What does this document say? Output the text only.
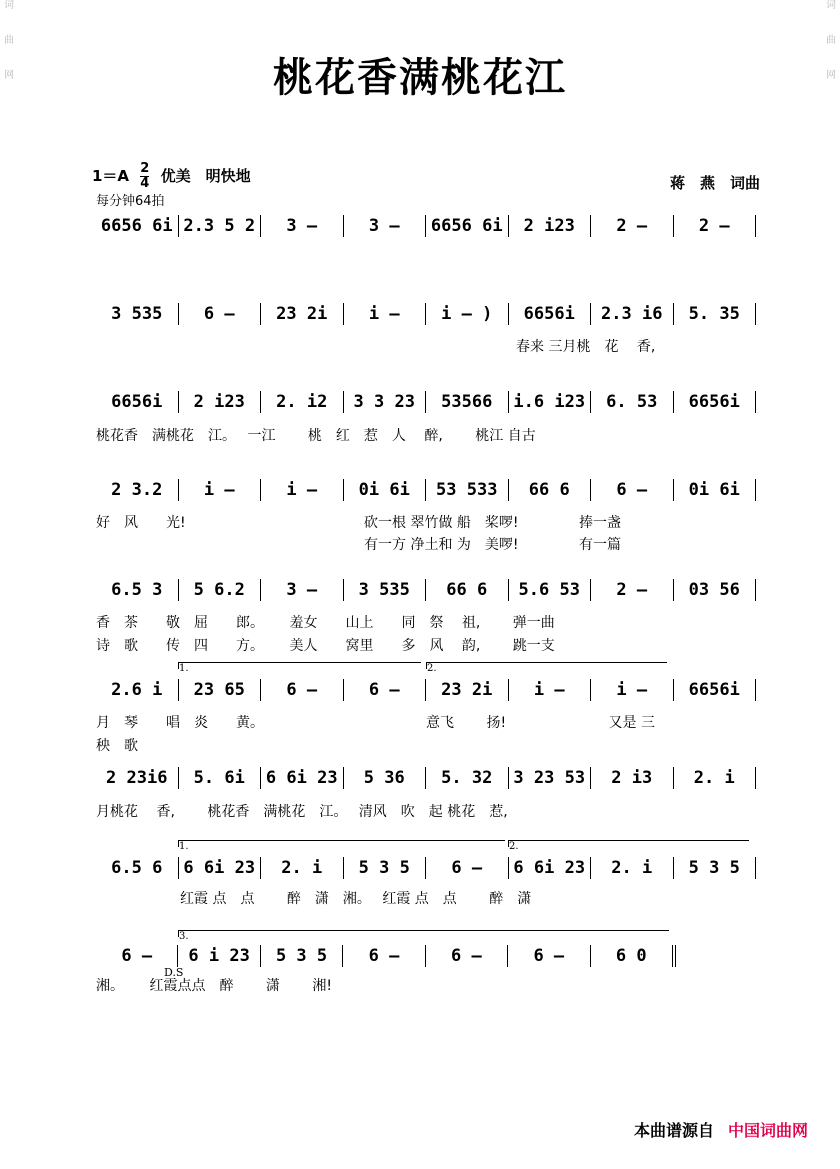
词
曲
网
词
曲
网
桃花香满桃花江
$1=A \frac{2}{4}$ 优美　明快地
每分钟64拍
蒋　燕　词曲
6656 6i 2.3 5 2	3 –	3 –	6656 6i	2 i23	2 –	2 –
3 535	6 –	23 2i	i –	i – )	6656i	2.3 i6	5. 35
6656i	2 i23	2. i2	3 3 23	53566	i.6 i23	6. 53	6656i
2 3.2	i –	i –	0i 6i	53 533	66 6	6 –	0i 6i
6.5 3	5 6.2	3 –	3 535	66 6	5.6 53	2 –	03 56
2.6 i	23 65	6 –	6 –	23 2i	i –	i –	6656i
2 23i6	5. 6i	6 6i 23	5 36	5. 32	3 23 53	2 i3	2. i
6.5 6	6 6i 23	2. i	5 3 5	6 –	6 6i 23	2. i	5 3 5
6 –	6 i 23	5 3 5	6 –	6 –	6 –	6 0
春来 三月桃　花　 香,
桃花香　满桃花　江。　 一江　　 桃　红　惹　人　 醉,　　 桃江 自古
好　风　　光!	砍一根 翠竹做 船　桨啰!　　　　 捧一盏
有一方 净土和 为　美啰!　　　　 有一篇
香　茶　　敬　屈　　郎。　　 羞女　　山上　　同　祭　 祖,　　 弹一曲
诗　歌　　传　四　　方。　　 美人　　窝里　　多　风　 韵,　　 跳一支
月　琴　　唱　炎　　黄。	意飞　　 扬!　　　　　　　 又是 三
秧　歌
月桃花　 香,　　 桃花香　满桃花　江。　 清风　吹　起 桃花　惹,
红霞 点　点　　 醉　潇　湘。　 红霞 点　点　　 醉　潇
湘。　　 红霞点点　醉　　 潇　　 湘!
1.	2.
1.	2.
3.
D.S
本曲谱源自 中国词曲网
